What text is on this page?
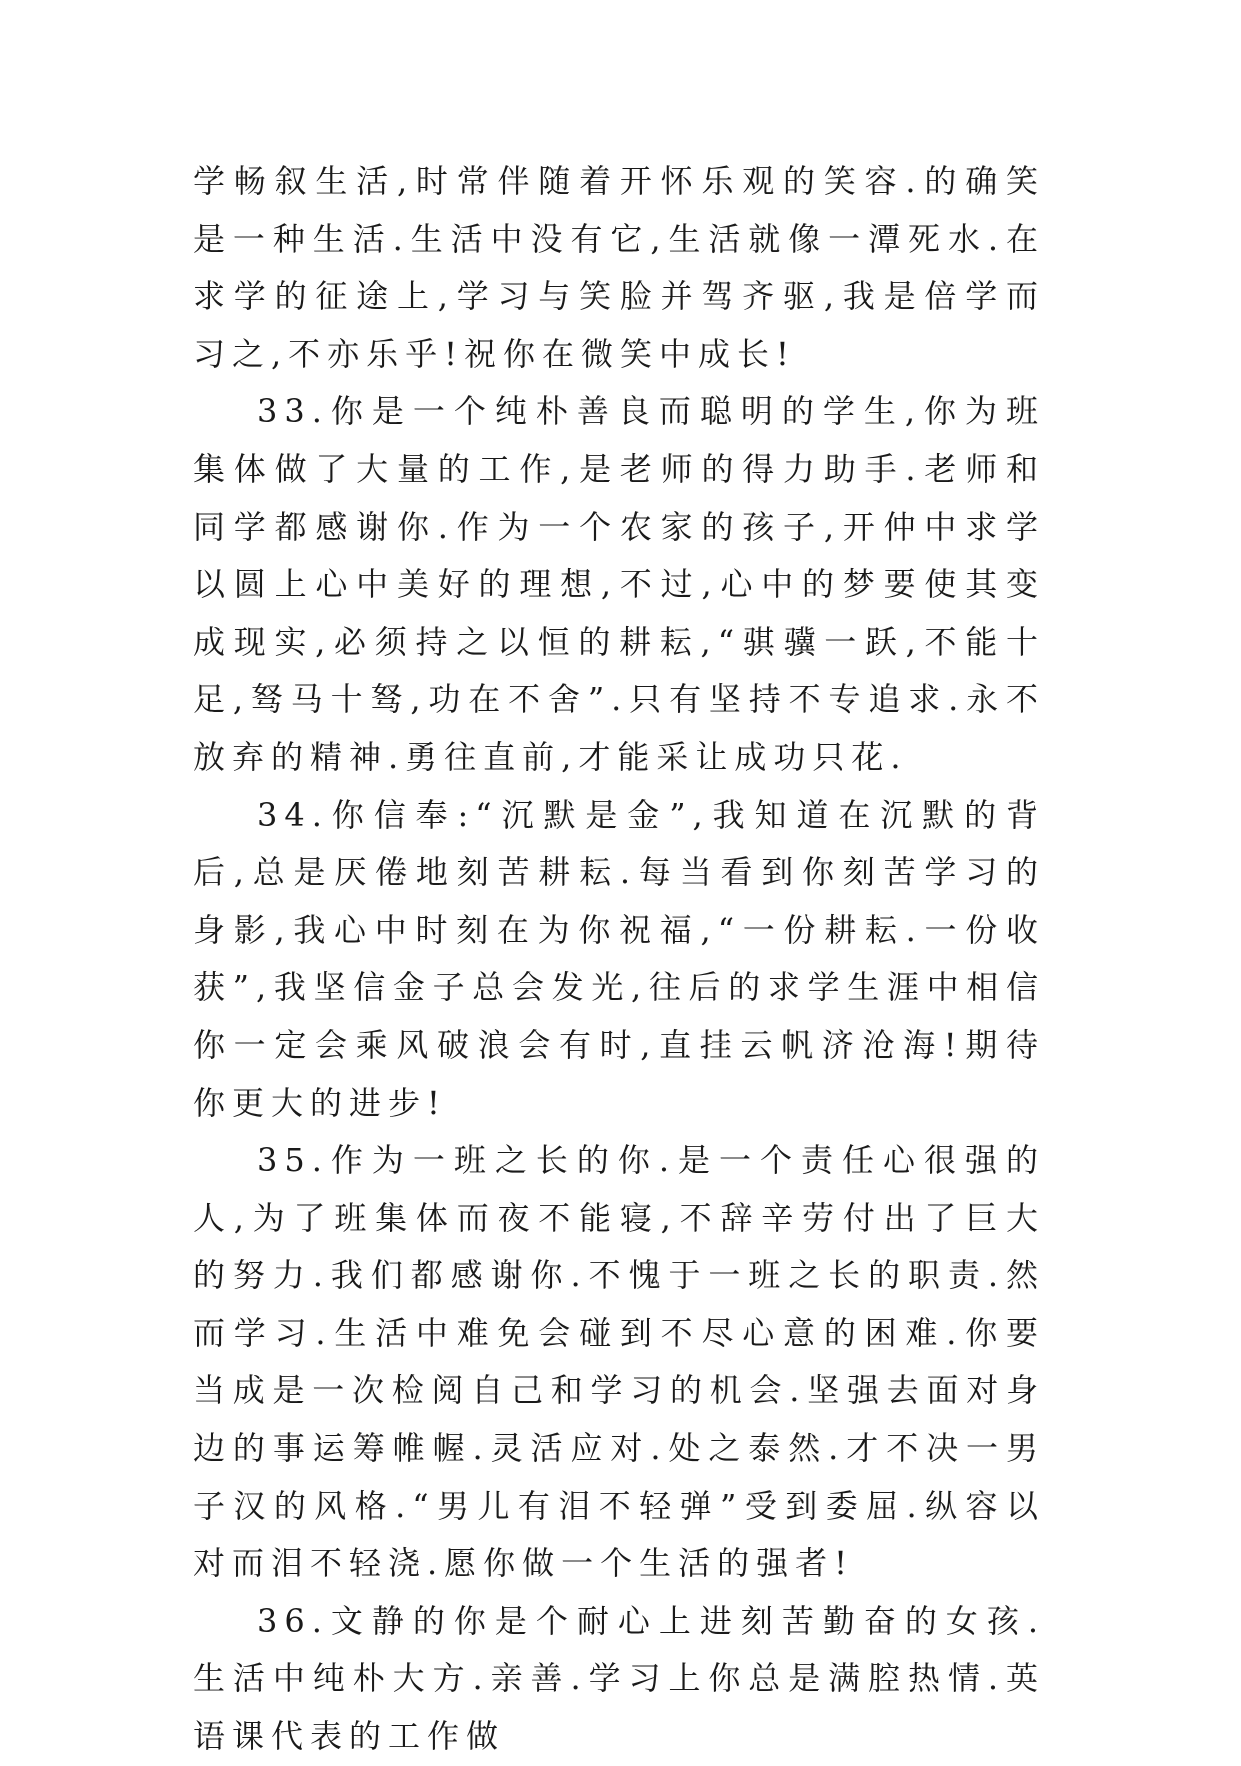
学畅叙生活,时常伴随着开怀乐观的笑容.的确笑是一种生活.生活中没有它,生活就像一潭死水.在求学的征途上,学习与笑脸并驾齐驱,我是倍学而习之,不亦乐乎!祝你在微笑中成长!

33.你是一个纯朴善良而聪明的学生,你为班集体做了大量的工作,是老师的得力助手.老师和同学都感谢你.作为一个农家的孩子,开仲中求学以圆上心中美好的理想,不过,心中的梦要使其变成现实,必须持之以恒的耕耘,“骐骥一跃,不能十足,驽马十驽,功在不舍”.只有坚持不专追求.永不放弃的精神.勇往直前,才能采让成功只花.

34.你信奉:“沉默是金”,我知道在沉默的背后,总是厌倦地刻苦耕耘.每当看到你刻苦学习的身影,我心中时刻在为你祝福,“一份耕耘.一份收获”,我坚信金子总会发光,往后的求学生涯中相信你一定会乘风破浪会有时,直挂云帆济沧海!期待你更大的进步!

35.作为一班之长的你.是一个责任心很强的人,为了班集体而夜不能寝,不辞辛劳付出了巨大的努力.我们都感谢你.不愧于一班之长的职责.然而学习.生活中难免会碰到不尽心意的困难.你要当成是一次检阅自己和学习的机会.坚强去面对身边的事运筹帷幄.灵活应对.处之泰然.才不决一男子汉的风格.“男儿有泪不轻弹”受到委屈.纵容以对而泪不轻浇.愿你做一个生活的强者!

36.文静的你是个耐心上进刻苦勤奋的女孩.生活中纯朴大方.亲善.学习上你总是满腔热情.英语课代表的工作做
